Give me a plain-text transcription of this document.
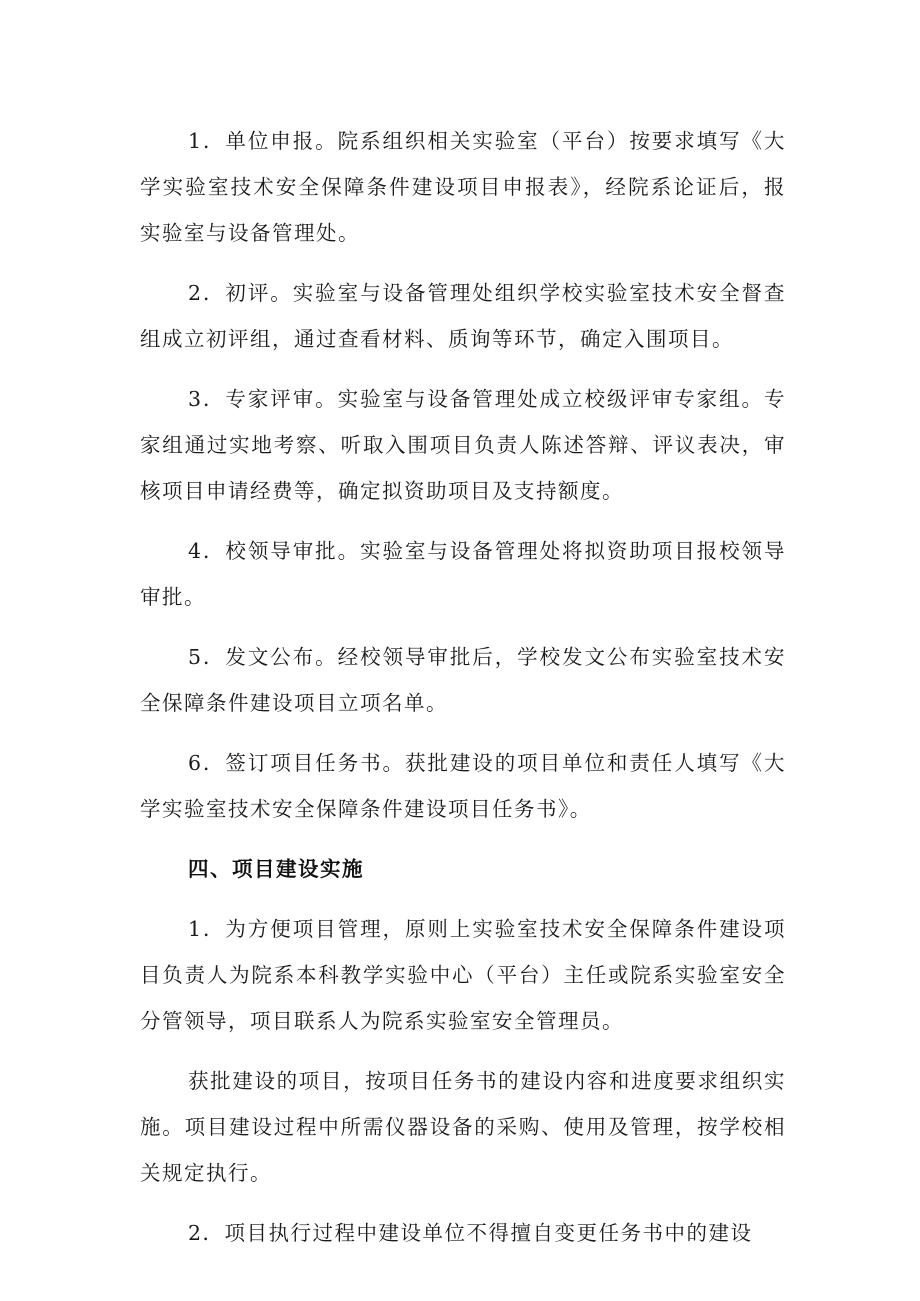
1．单位申报。院系组织相关实验室（平台）按要求填写《大学实验室技术安全保障条件建设项目申报表》，经院系论证后，报实验室与设备管理处。

2．初评。实验室与设备管理处组织学校实验室技术安全督查组成立初评组，通过查看材料、质询等环节，确定入围项目。

3．专家评审。实验室与设备管理处成立校级评审专家组。专家组通过实地考察、听取入围项目负责人陈述答辩、评议表决，审核项目申请经费等，确定拟资助项目及支持额度。

4．校领导审批。实验室与设备管理处将拟资助项目报校领导审批。

5．发文公布。经校领导审批后，学校发文公布实验室技术安全保障条件建设项目立项名单。

6．签订项目任务书。获批建设的项目单位和责任人填写《大学实验室技术安全保障条件建设项目任务书》。

四、项目建设实施

1．为方便项目管理，原则上实验室技术安全保障条件建设项目负责人为院系本科教学实验中心（平台）主任或院系实验室安全分管领导，项目联系人为院系实验室安全管理员。

获批建设的项目，按项目任务书的建设内容和进度要求组织实施。项目建设过程中所需仪器设备的采购、使用及管理，按学校相关规定执行。

2．项目执行过程中建设单位不得擅自变更任务书中的建设
